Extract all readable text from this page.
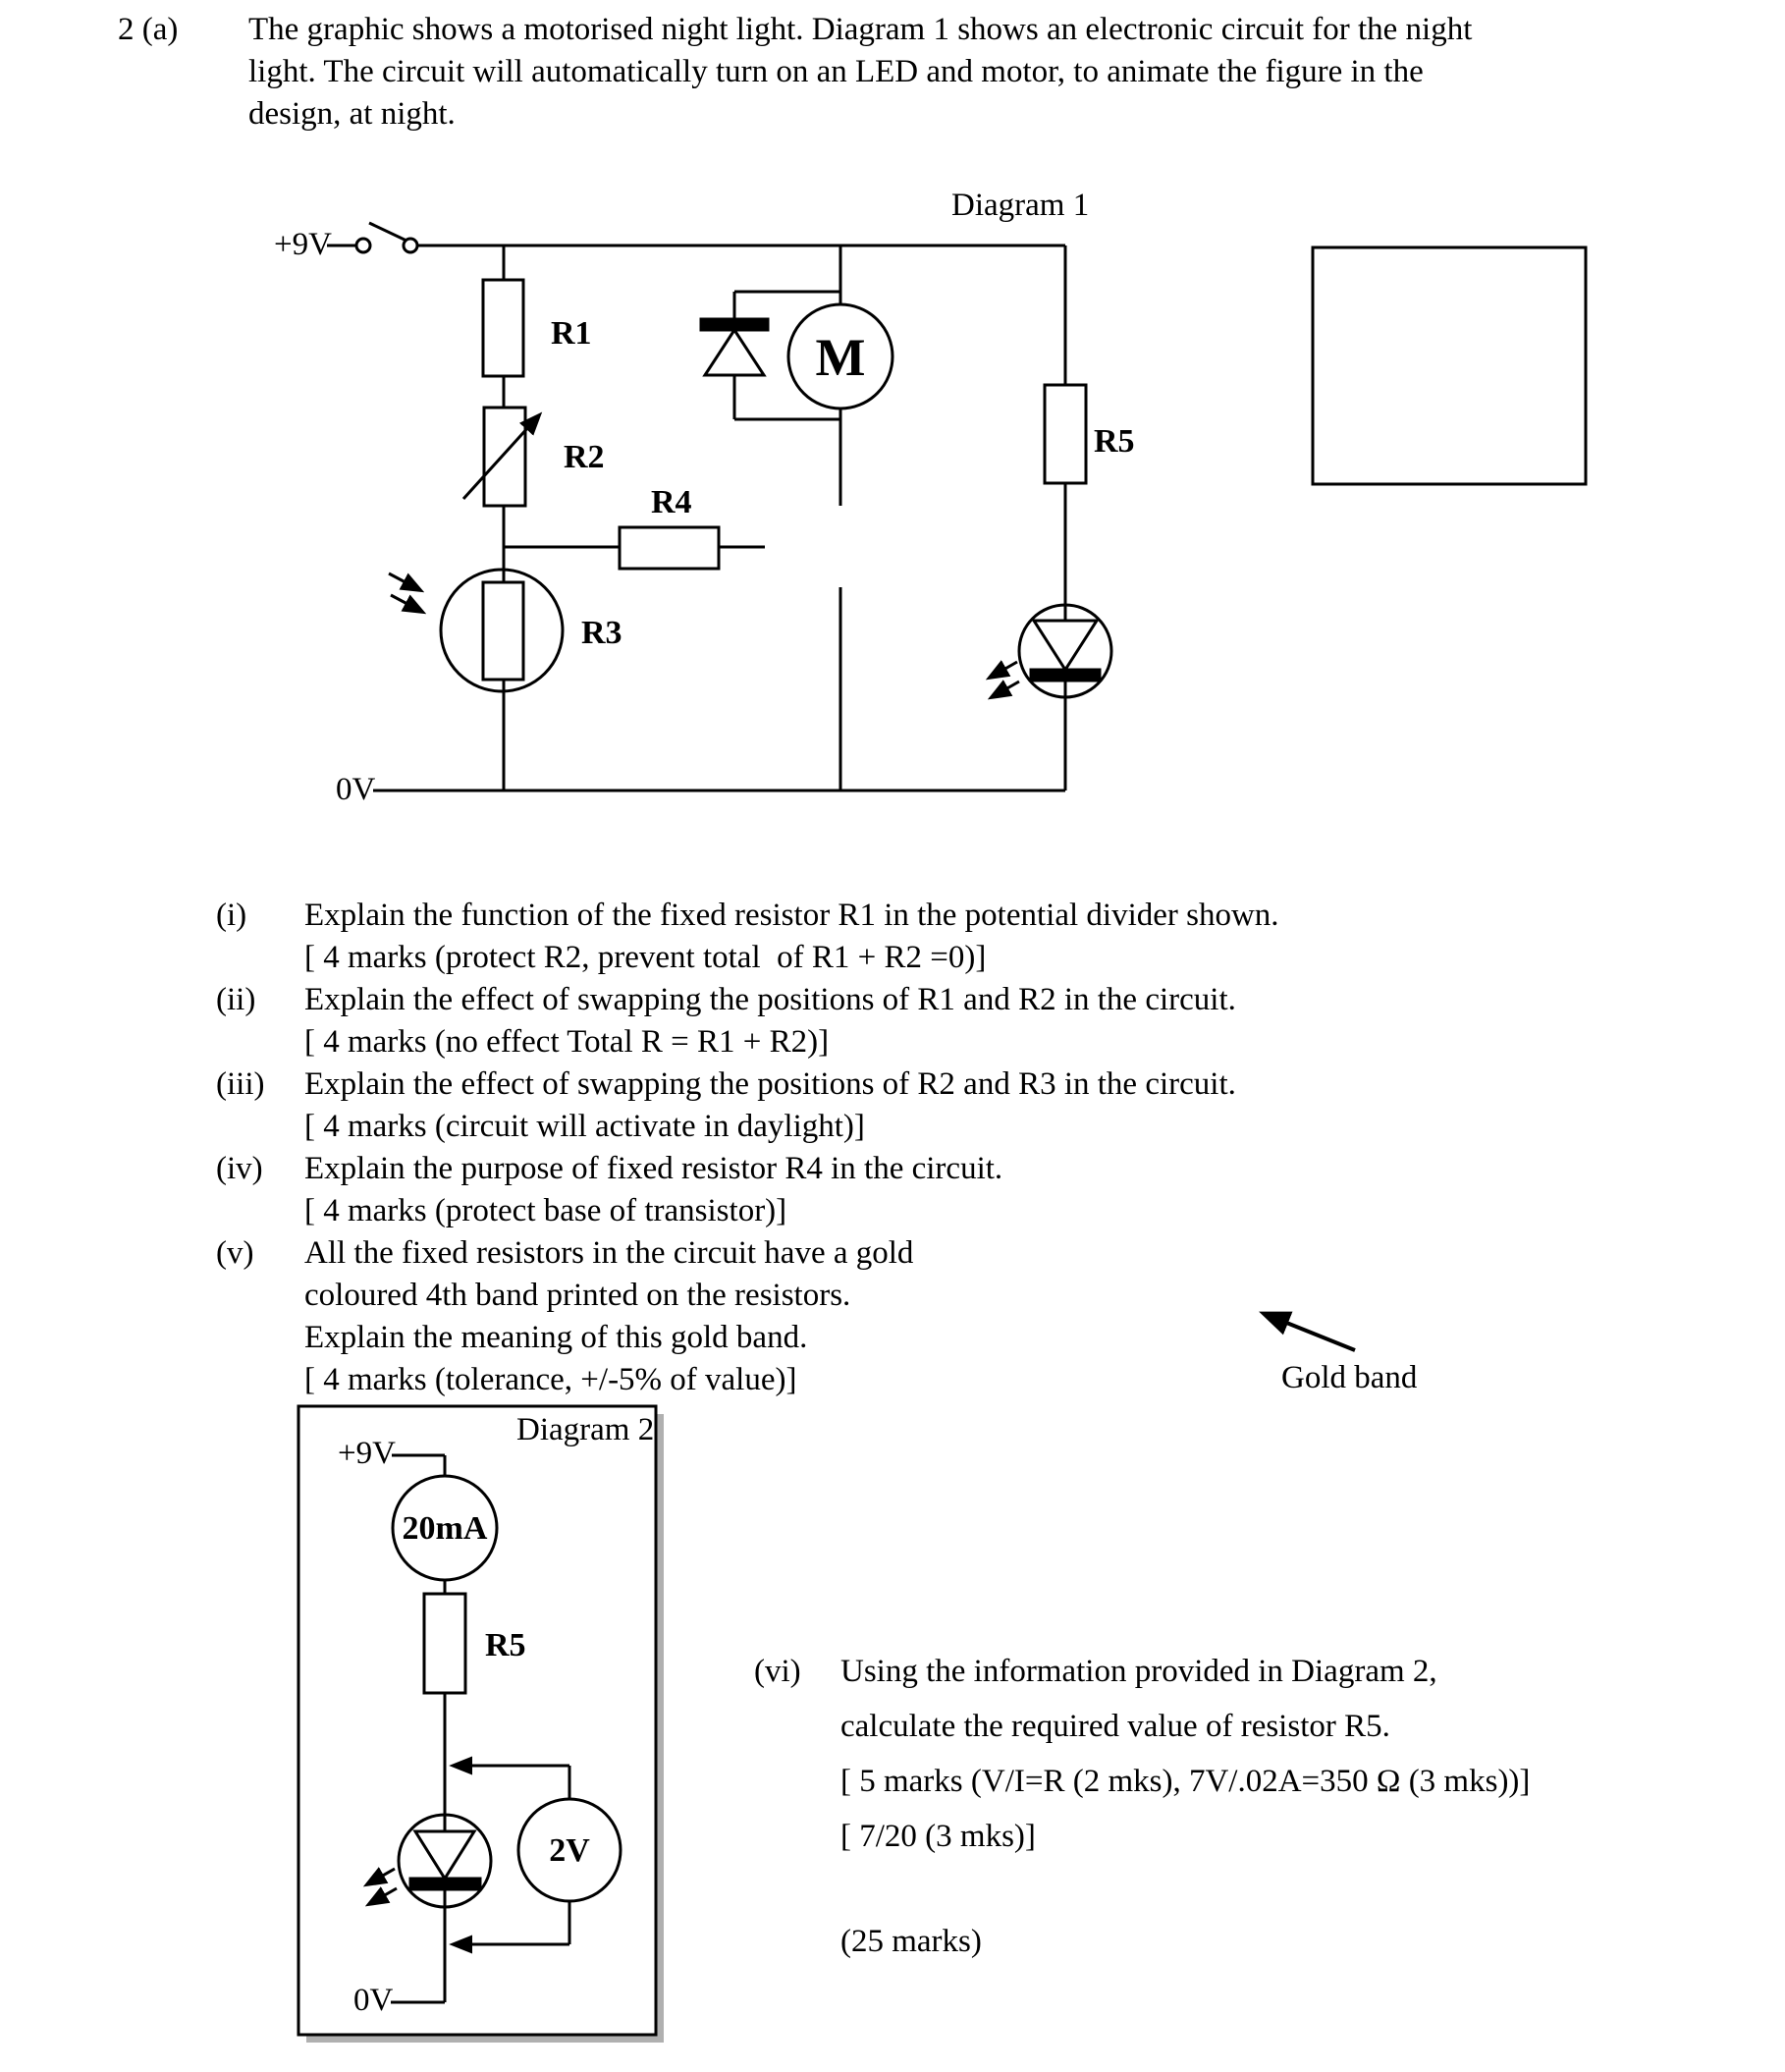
2 (a) The graphic shows a motorised night light. Diagram 1 shows an electronic circuit for the night
light. The circuit will automatically turn on an LED and motor, to animate the figure in the
design, at night.
Diagram 1
+9V
R1
R2
R4
R3
R5
M
0V
(i) Explain the function of the fixed resistor R1 in the potential divider shown.
[ 4 marks (protect R2, prevent total  of R1 + R2 =0)]
(ii) Explain the effect of swapping the positions of R1 and R2 in the circuit.
[ 4 marks (no effect Total R = R1 + R2)]
(iii) Explain the effect of swapping the positions of R2 and R3 in the circuit.
[ 4 marks (circuit will activate in daylight)]
(iv) Explain the purpose of fixed resistor R4 in the circuit.
[ 4 marks (protect base of transistor)]
(v) All the fixed resistors in the circuit have a gold
coloured 4th band printed on the resistors.
Explain the meaning of this gold band.
[ 4 marks (tolerance, +/-5% of value)]	Gold band
Diagram 2
+9V
20mA
R5
2V
0V
(vi) Using the information provided in Diagram 2,
calculate the required value of resistor R5.
[ 5 marks (V/I=R (2 mks), 7V/.02A=350 Ω (3 mks))]
[ 7/20 (3 mks)]
(25 marks)
